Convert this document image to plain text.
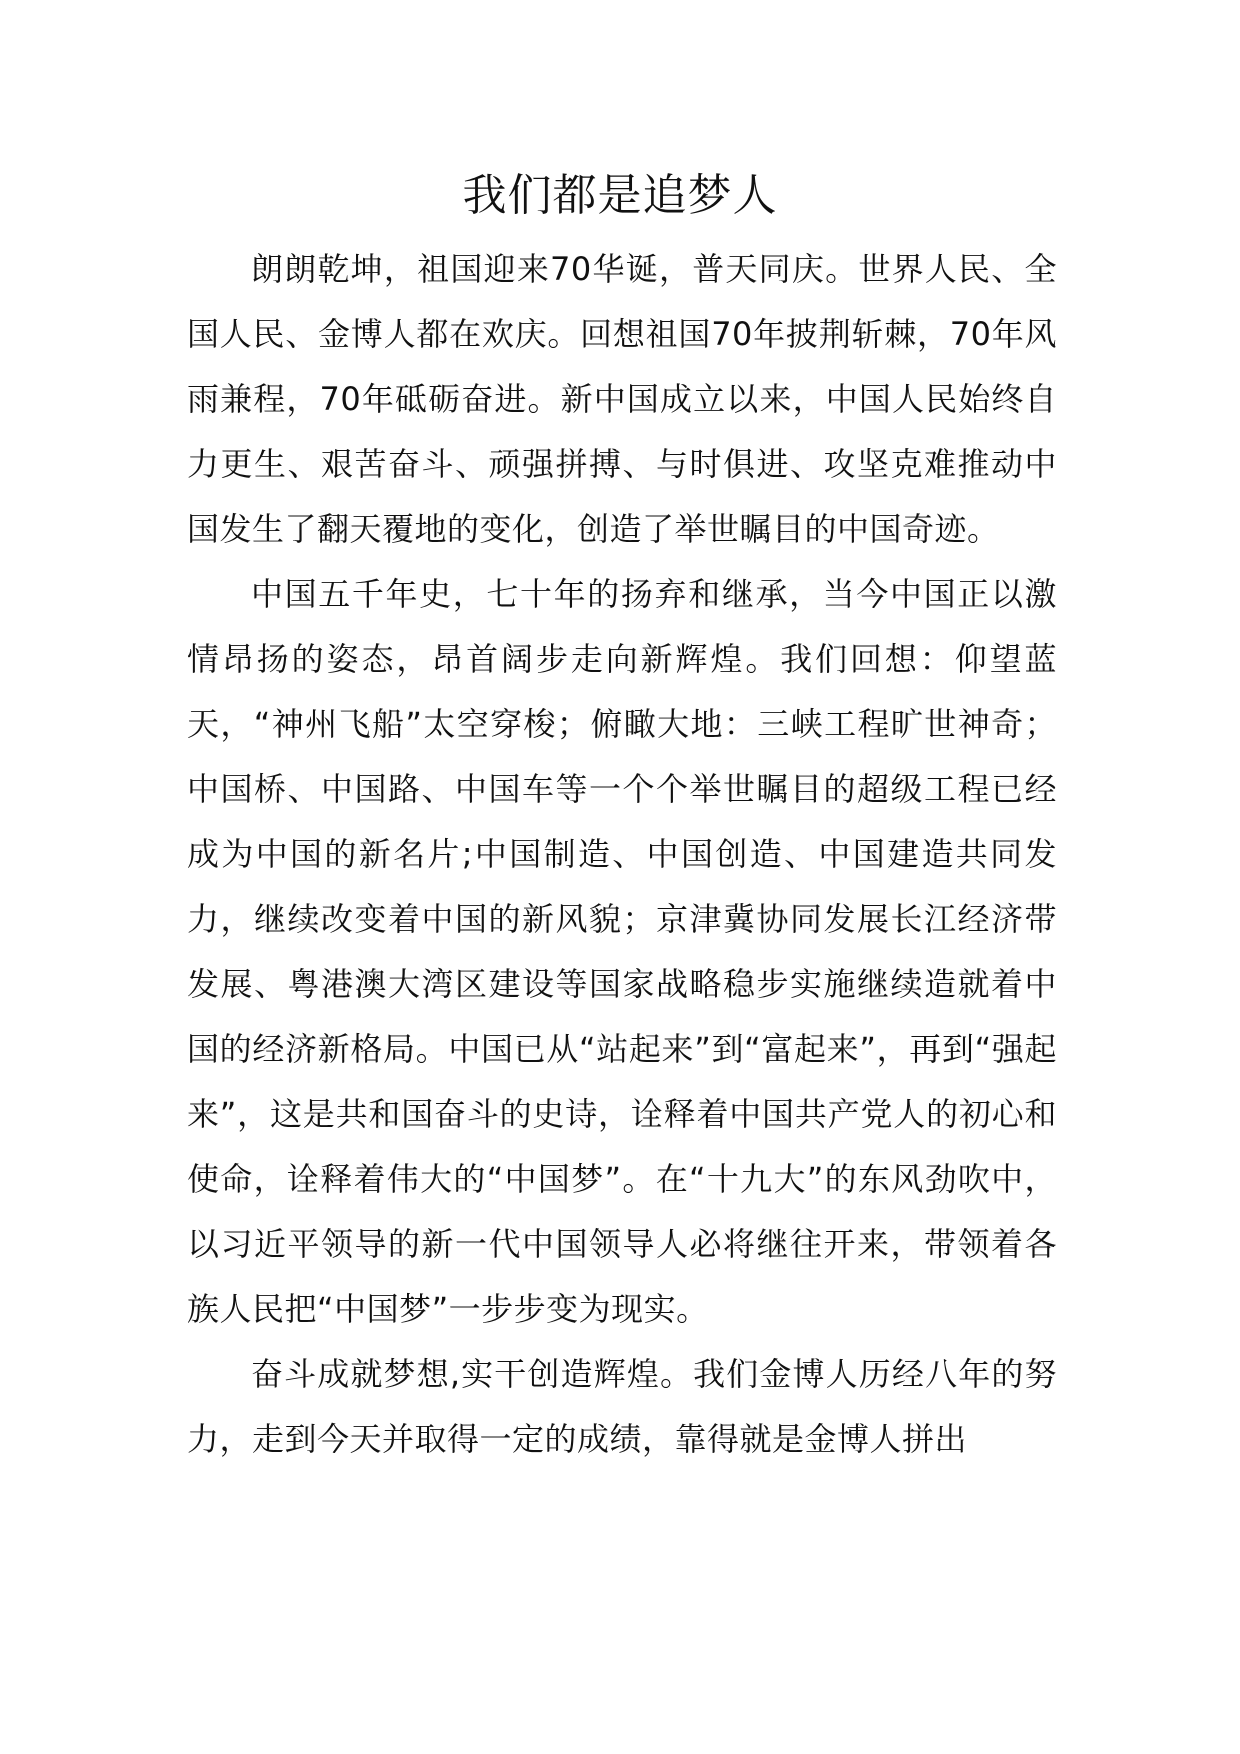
我们都是追梦人

朗朗乾坤，祖国迎来70华诞，普天同庆。世界人民、全国人民、金博人都在欢庆。回想祖国70年披荆斩棘，70年风雨兼程，70年砥砺奋进。新中国成立以来，中国人民始终自力更生、艰苦奋斗、顽强拼搏、与时俱进、攻坚克难推动中国发生了翻天覆地的变化，创造了举世瞩目的中国奇迹。

中国五千年史，七十年的扬弃和继承，当今中国正以激情昂扬的姿态，昂首阔步走向新辉煌。我们回想：仰望蓝天，“神州飞船”太空穿梭；俯瞰大地：三峡工程旷世神奇；中国桥、中国路、中国车等一个个举世瞩目的超级工程已经成为中国的新名片;中国制造、中国创造、中国建造共同发力，继续改变着中国的新风貌；京津冀协同发展长江经济带发展、粤港澳大湾区建设等国家战略稳步实施继续造就着中国的经济新格局。中国已从“站起来”到“富起来”，再到“强起来”，这是共和国奋斗的史诗，诠释着中国共产党人的初心和使命，诠释着伟大的“中国梦”。在“十九大”的东风劲吹中，以习近平领导的新一代中国领导人必将继往开来，带领着各族人民把“中国梦”一步步变为现实。

奋斗成就梦想,实干创造辉煌。我们金博人历经八年的努力，走到今天并取得一定的成绩，靠得就是金博人拼出
